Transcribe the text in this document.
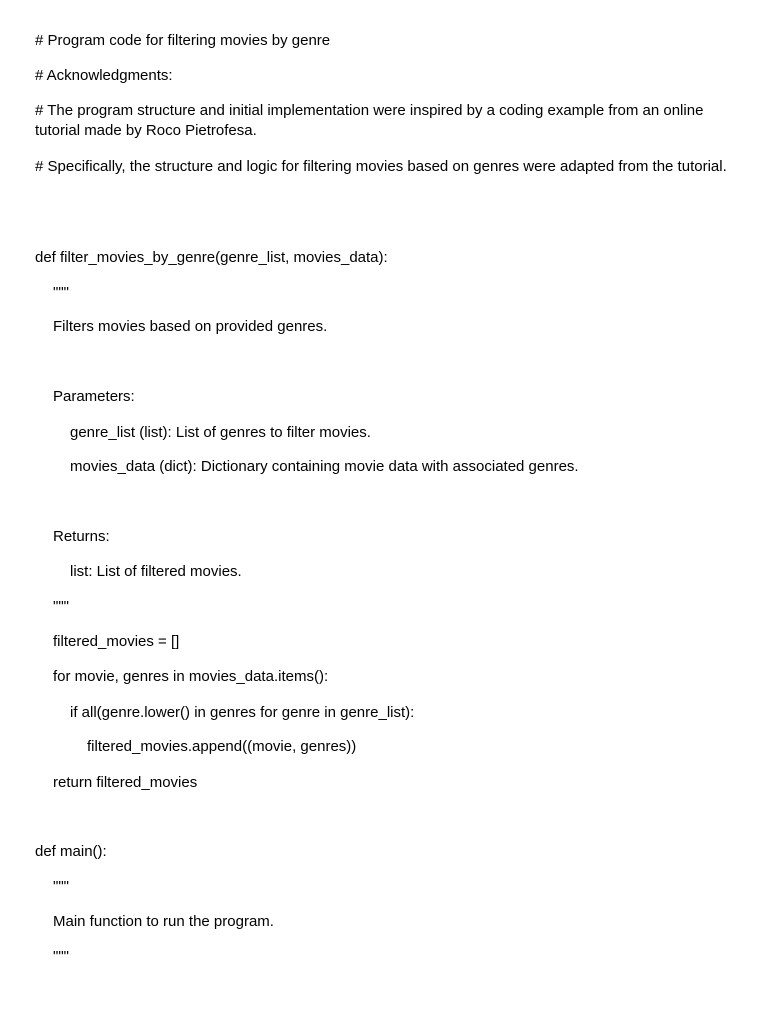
# Program code for filtering movies by genre
# Acknowledgments:
# The program structure and initial implementation were inspired by a coding example from an online tutorial made by Roco Pietrofesa.
# Specifically, the structure and logic for filtering movies based on genres were adapted from the tutorial.
def filter_movies_by_genre(genre_list, movies_data):
"""
Filters movies based on provided genres.
Parameters:
genre_list (list): List of genres to filter movies.
movies_data (dict): Dictionary containing movie data with associated genres.
Returns:
list: List of filtered movies.
"""
filtered_movies = []
for movie, genres in movies_data.items():
if all(genre.lower() in genres for genre in genre_list):
filtered_movies.append((movie, genres))
return filtered_movies
def main():
"""
Main function to run the program.
"""
